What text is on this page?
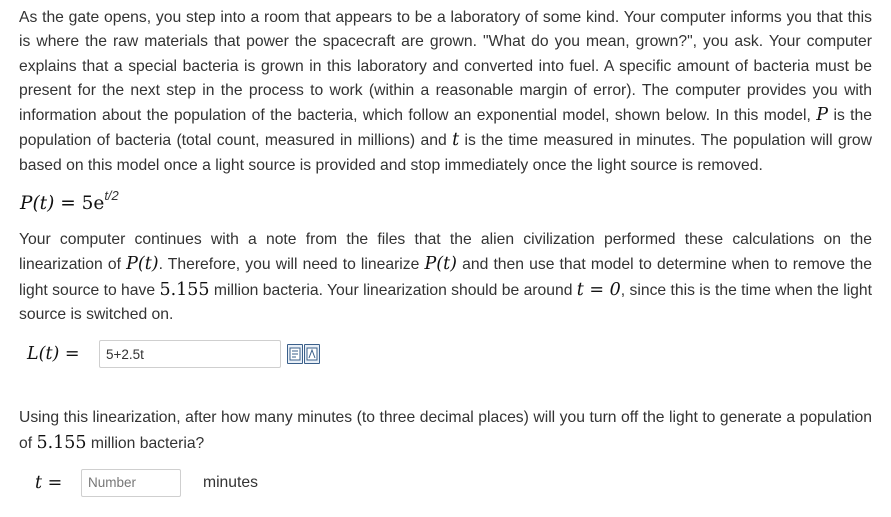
As the gate opens, you step into a room that appears to be a laboratory of some kind. Your computer informs you that this is where the raw materials that power the spacecraft are grown. "What do you mean, grown?", you ask. Your computer explains that a special bacteria is grown in this laboratory and converted into fuel. A specific amount of bacteria must be present for the next step in the process to work (within a reasonable margin of error). The computer provides you with information about the population of the bacteria, which follow an exponential model, shown below. In this model, P is the population of bacteria (total count, measured in millions) and t is the time measured in minutes. The population will grow based on this model once a light source is provided and stop immediately once the light source is removed.

$P(t) = 5e^{t/2}$

Your computer continues with a note from the files that the alien civilization performed these calculations on the linearization of P(t). Therefore, you will need to linearize P(t) and then use that model to determine when to remove the light source to have 5.155 million bacteria. Your linearization should be around t = 0, since this is the time when the light source is switched on.

L(t) =
5+2.5t

Using this linearization, after how many minutes (to three decimal places) will you turn off the light to generate a population of 5.155 million bacteria?

t =
Number	minutes
